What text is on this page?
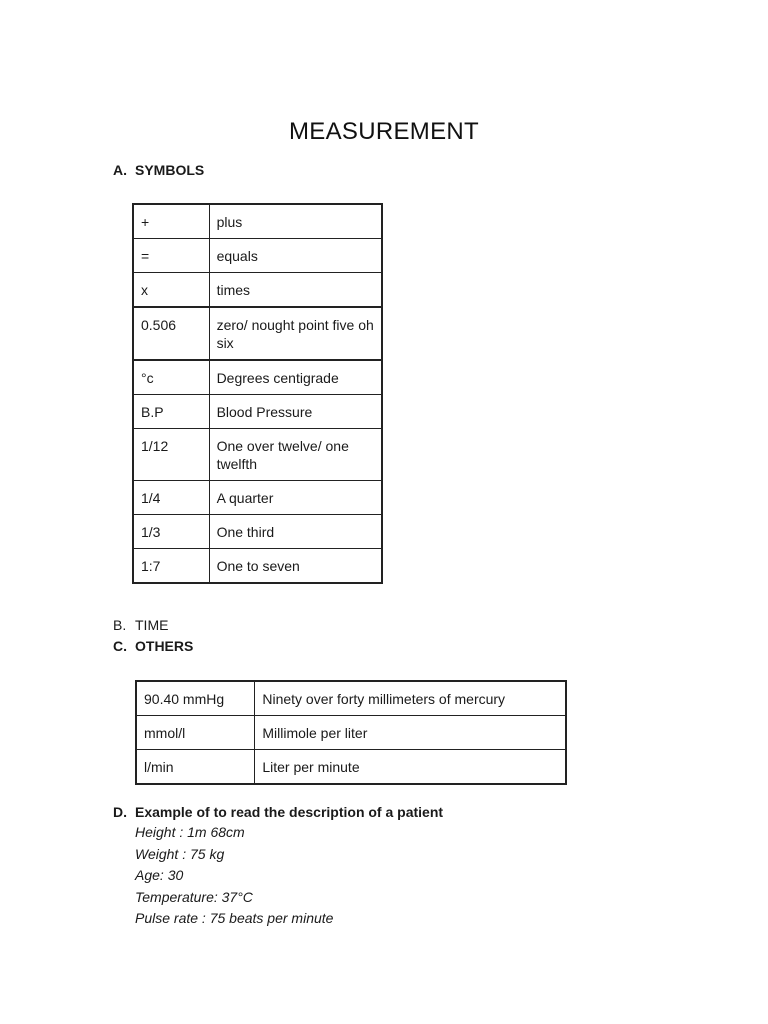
MEASUREMENT
A. SYMBOLS
+	plus
=	equals
x	times
0.506	zero/ nought point five oh six
°c	Degrees centigrade
B.P	Blood Pressure
1/12	One over twelve/ one twelfth
1/4	A quarter
1/3	One third
1:7	One to seven
B. TIME
C. OTHERS
90.40 mmHg	Ninety over forty millimeters of mercury
mmol/l	Millimole per liter
l/min	Liter per minute
D. Example of to read the description of a patient
Height : 1m 68cm
Weight : 75 kg
Age: 30
Temperature: 37°C
Pulse rate : 75 beats per minute
